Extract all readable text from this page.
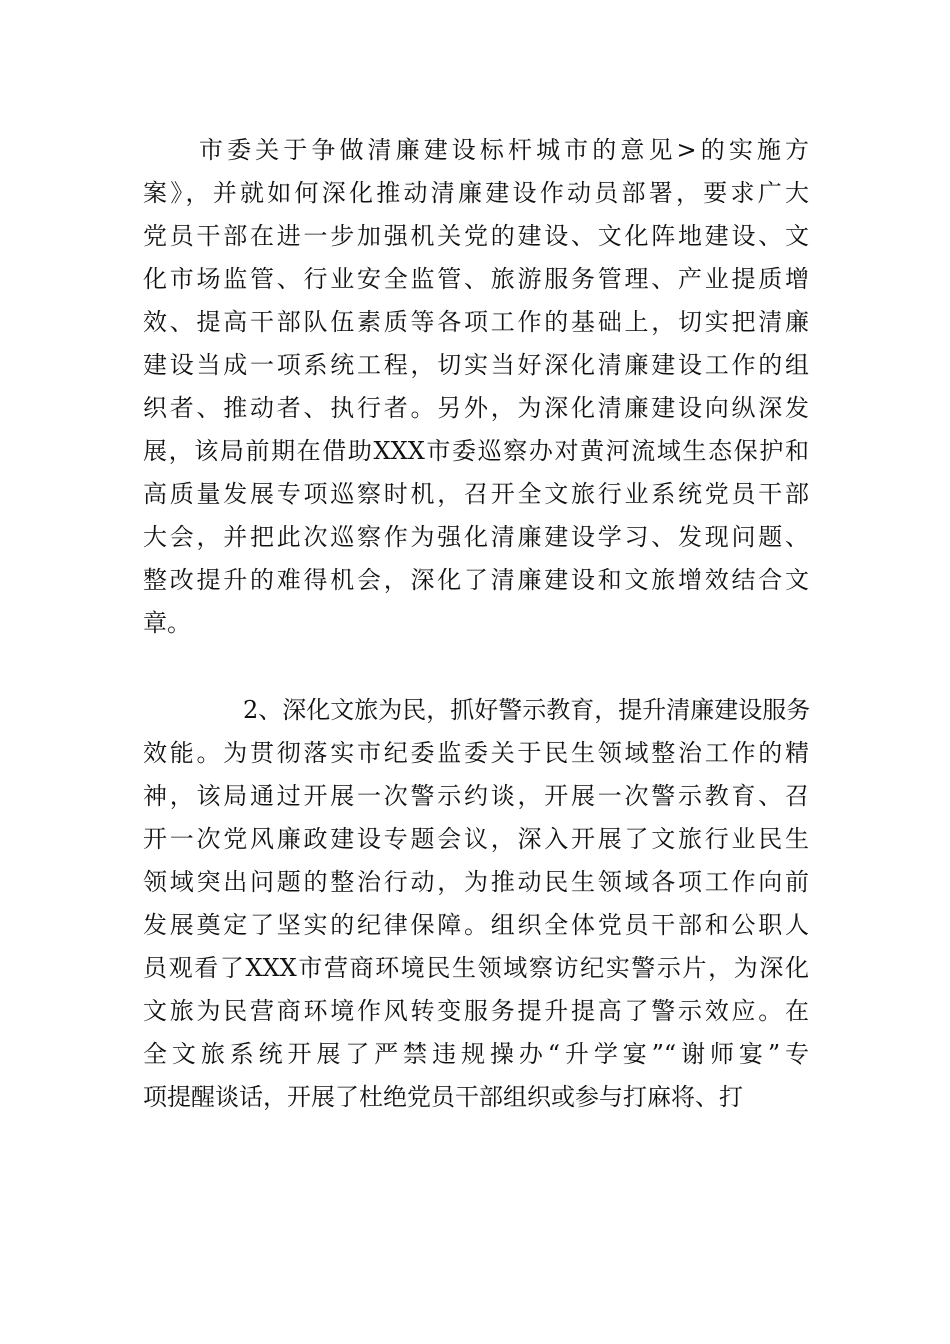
市委关于争做清廉建设标杆城市的意见>的实施方
案》，并就如何深化推动清廉建设作动员部署，要求广大
党员干部在进一步加强机关党的建设、文化阵地建设、文
化市场监管、行业安全监管、旅游服务管理、产业提质增
效、提高干部队伍素质等各项工作的基础上，切实把清廉
建设当成一项系统工程，切实当好深化清廉建设工作的组
织者、推动者、执行者。另外，为深化清廉建设向纵深发
展，该局前期在借助XXX市委巡察办对黄河流域生态保护和
高质量发展专项巡察时机，召开全文旅行业系统党员干部
大会，并把此次巡察作为强化清廉建设学习、发现问题、
整改提升的难得机会，深化了清廉建设和文旅增效结合文
章。
2、深化文旅为民，抓好警示教育，提升清廉建设服务
效能。为贯彻落实市纪委监委关于民生领域整治工作的精
神，该局通过开展一次警示约谈，开展一次警示教育、召
开一次党风廉政建设专题会议，深入开展了文旅行业民生
领域突出问题的整治行动，为推动民生领域各项工作向前
发展奠定了坚实的纪律保障。组织全体党员干部和公职人
员观看了XXX市营商环境民生领域察访纪实警示片，为深化
文旅为民营商环境作风转变服务提升提高了警示效应。在
全文旅系统开展了严禁违规操办“升学宴”“谢师宴”专
项提醒谈话，开展了杜绝党员干部组织或参与打麻将、打
